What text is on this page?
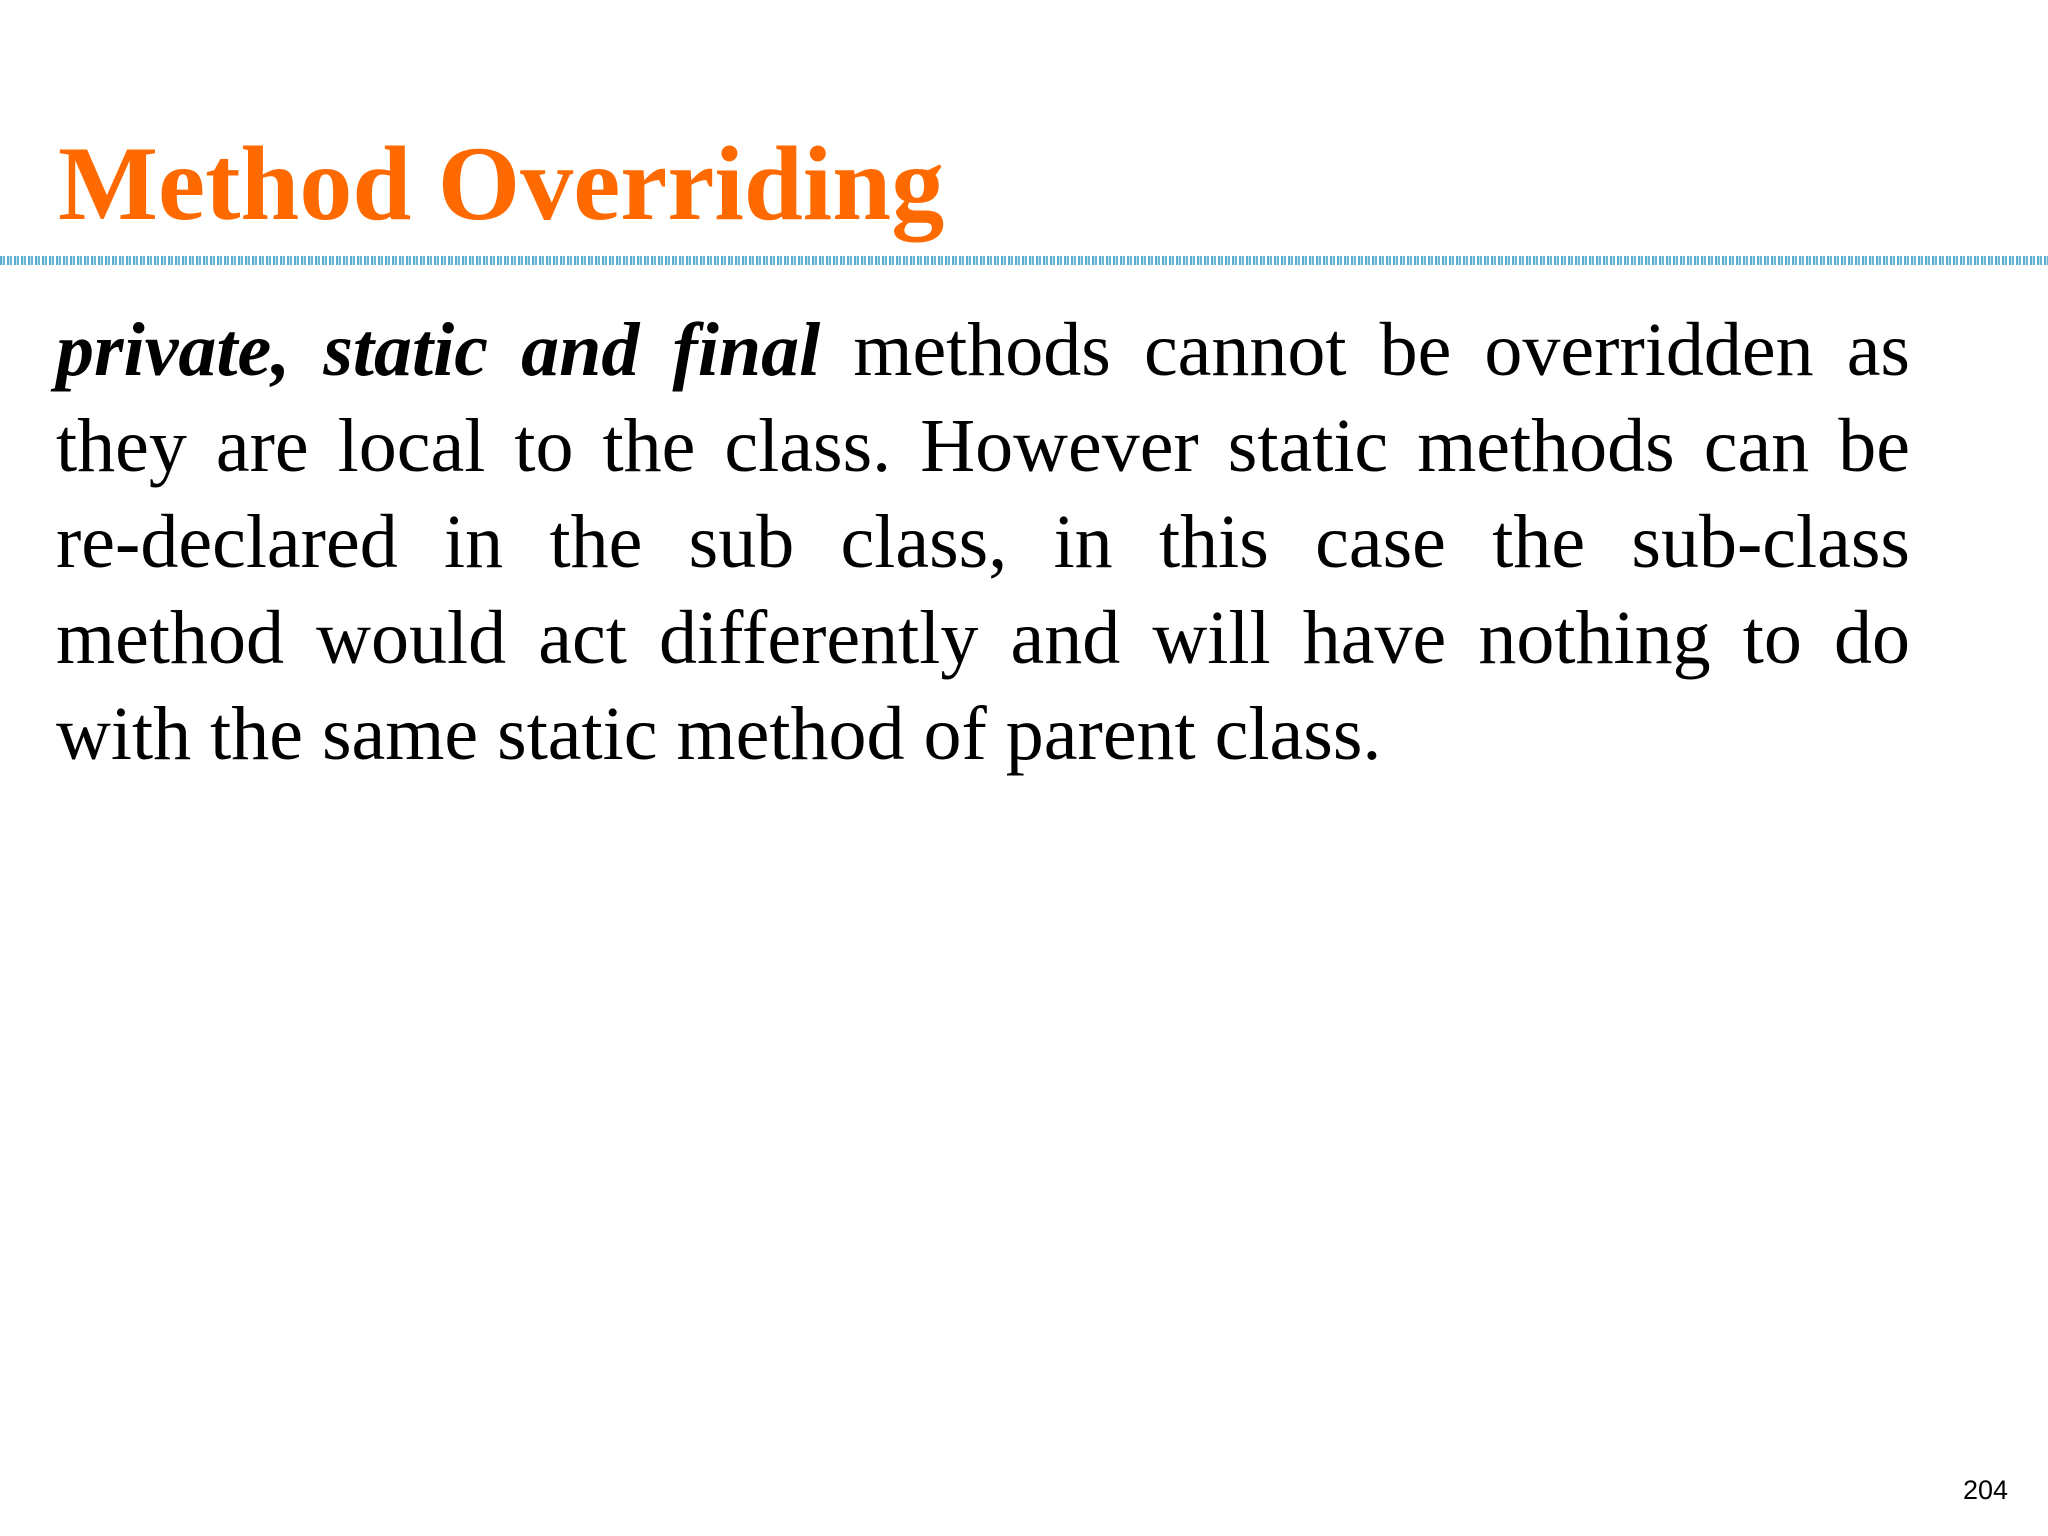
Method Overriding

private, static and final methods cannot be overridden as they are local to the class. However static methods can be re-declared in the sub class, in this case the sub-class method would act differently and will have nothing to do with the same static method of parent class.

204
